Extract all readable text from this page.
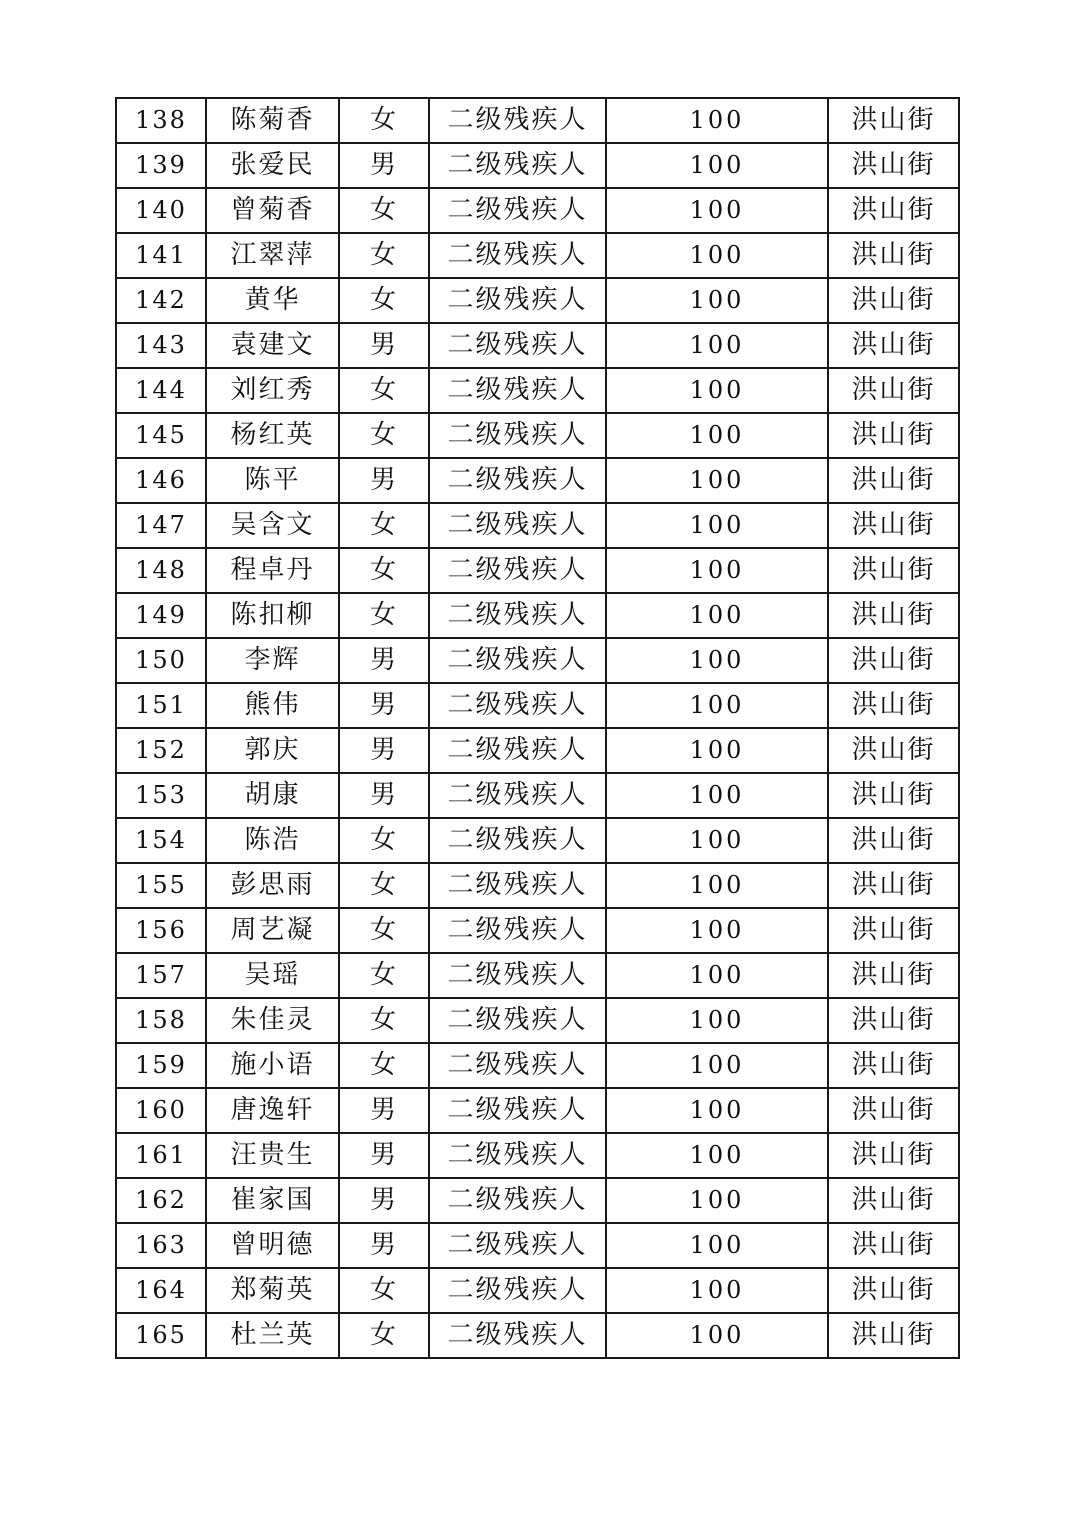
138	陈菊香	女	二级残疾人	100	洪山街
139	张爱民	男	二级残疾人	100	洪山街
140	曾菊香	女	二级残疾人	100	洪山街
141	江翠萍	女	二级残疾人	100	洪山街
142	黄华	女	二级残疾人	100	洪山街
143	袁建文	男	二级残疾人	100	洪山街
144	刘红秀	女	二级残疾人	100	洪山街
145	杨红英	女	二级残疾人	100	洪山街
146	陈平	男	二级残疾人	100	洪山街
147	吴含文	女	二级残疾人	100	洪山街
148	程卓丹	女	二级残疾人	100	洪山街
149	陈扣柳	女	二级残疾人	100	洪山街
150	李辉	男	二级残疾人	100	洪山街
151	熊伟	男	二级残疾人	100	洪山街
152	郭庆	男	二级残疾人	100	洪山街
153	胡康	男	二级残疾人	100	洪山街
154	陈浩	女	二级残疾人	100	洪山街
155	彭思雨	女	二级残疾人	100	洪山街
156	周艺凝	女	二级残疾人	100	洪山街
157	吴瑶	女	二级残疾人	100	洪山街
158	朱佳灵	女	二级残疾人	100	洪山街
159	施小语	女	二级残疾人	100	洪山街
160	唐逸轩	男	二级残疾人	100	洪山街
161	汪贵生	男	二级残疾人	100	洪山街
162	崔家国	男	二级残疾人	100	洪山街
163	曾明德	男	二级残疾人	100	洪山街
164	郑菊英	女	二级残疾人	100	洪山街
165	杜兰英	女	二级残疾人	100	洪山街
